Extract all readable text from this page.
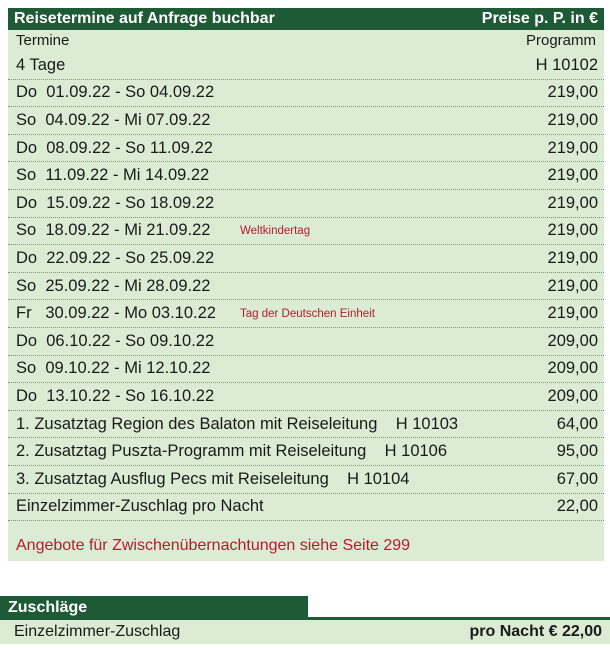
Reisetermine auf Anfrage buchbar	Preise p. P. in €
Termine	Programm
4 Tage	H 10102
Do  01.09.22 - So 04.09.22	219,00
So  04.09.22 - Mi 07.09.22	219,00
Do  08.09.22 - So 11.09.22	219,00
So  11.09.22 - Mi 14.09.22	219,00
Do  15.09.22 - So 18.09.22	219,00
So  18.09.22 - Mi 21.09.22	Weltkindertag	219,00
Do  22.09.22 - So 25.09.22	219,00
So  25.09.22 - Mi 28.09.22	219,00
Fr   30.09.22 - Mo 03.10.22 Tag der Deutschen Einheit	219,00
Do  06.10.22 - So 09.10.22	209,00
So  09.10.22 - Mi 12.10.22	209,00
Do  13.10.22 - So 16.10.22	209,00
1. Zusatztag Region des Balaton mit Reiseleitung    H 10103	64,00
2. Zusatztag Puszta-Programm mit Reiseleitung    H 10106	95,00
3. Zusatztag Ausflug Pecs mit Reiseleitung    H 10104	67,00
Einzelzimmer-Zuschlag pro Nacht	22,00
Angebote für Zwischenübernachtungen siehe Seite 299
Zuschläge
Einzelzimmer-Zuschlag	pro Nacht € 22,00
